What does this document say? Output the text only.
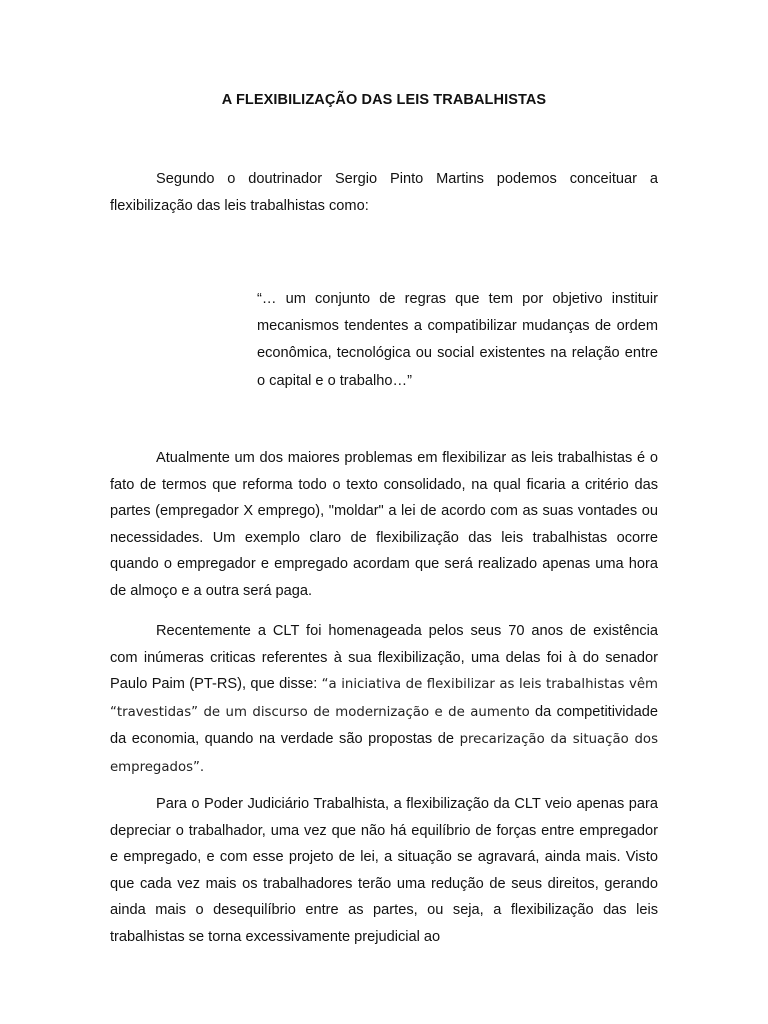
A FLEXIBILIZAÇÃO DAS LEIS TRABALHISTAS

Segundo o doutrinador Sergio Pinto Martins podemos conceituar a flexibilização das leis trabalhistas como:

“… um conjunto de regras que tem por objetivo instituir mecanismos tendentes a compatibilizar mudanças de ordem econômica, tecnológica ou social existentes na relação entre o capital e o trabalho…”

Atualmente um dos maiores problemas em flexibilizar as leis trabalhistas é o fato de termos que reforma todo o texto consolidado, na qual ficaria a critério das partes (empregador X emprego), "moldar" a lei de acordo com as suas vontades ou necessidades. Um exemplo claro de flexibilização das leis trabalhistas ocorre quando o empregador e empregado acordam que será realizado apenas uma hora de almoço e a outra será paga.

Recentemente a CLT foi homenageada pelos seus 70 anos de existência com inúmeras criticas referentes à sua flexibilização, uma delas foi à do senador Paulo Paim (PT-RS), que disse: “a iniciativa de flexibilizar as leis trabalhistas vêm “travestidas” de um discurso de modernização e de aumento da competitividade da economia, quando na verdade são propostas de precarização da situação dos empregados”.

Para o Poder Judiciário Trabalhista, a flexibilização da CLT veio apenas para depreciar o trabalhador, uma vez que não há equilíbrio de forças entre empregador e empregado, e com esse projeto de lei, a situação se agravará, ainda mais. Visto que cada vez mais os trabalhadores terão uma redução de seus direitos, gerando ainda mais o desequilíbrio entre as partes, ou seja, a flexibilização das leis trabalhistas se torna excessivamente prejudicial ao
